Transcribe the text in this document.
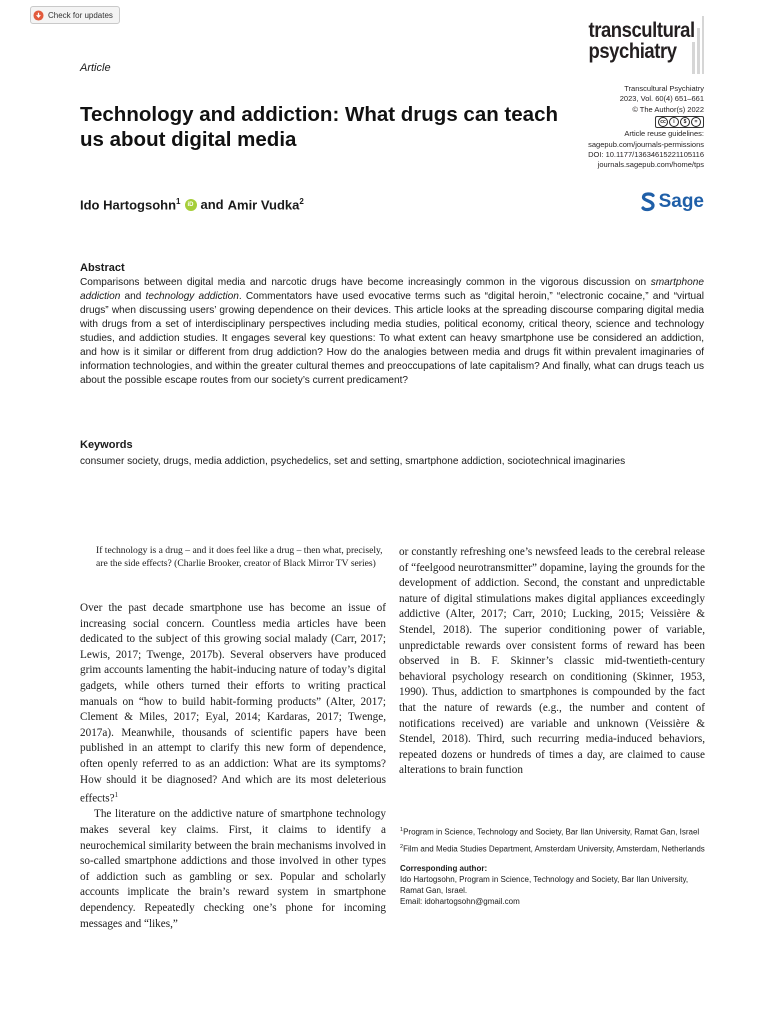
Check for updates
Article
transcultural
psychiatry
Transcultural Psychiatry
2023, Vol. 60(4) 651–661
© The Author(s) 2022
cc	i	$	=
Article reuse guidelines:
sagepub.com/journals-permissions
DOI: 10.1177/13634615221105116
journals.sagepub.com/home/tps
Sage
Technology and addiction: What drugs can teach us about digital media
Ido Hartogsohn$^1$	iD and Amir Vudka$^2$
Abstract

Comparisons between digital media and narcotic drugs have become increasingly common in the vigorous discussion on smartphone addiction and technology addiction. Commentators have used evocative terms such as “digital heroin,” “electronic cocaine,” and “virtual drugs” when discussing users’ growing dependence on their devices. This article looks at the spreading discourse comparing digital media with drugs from a set of interdisciplinary perspectives including media studies, political economy, critical theory, science and technology studies, and addiction studies. It engages several key questions: To what extent can heavy smartphone use be considered an addiction, and how is it similar or different from drug addiction? How do the analogies between media and drugs fit within prevalent imaginaries of information technologies, and within the greater cultural themes and preoccupations of late capitalism? And finally, what can drugs teach us about the possible escape routes from our society’s current predicament?

Keywords
consumer society, drugs, media addiction, psychedelics, set and setting, smartphone addiction, sociotechnical imaginaries

If technology is a drug – and it does feel like a drug – then what, precisely, are the side effects? (Charlie Brooker, creator of Black Mirror TV series)

Over the past decade smartphone use has become an issue of increasing social concern. Countless media articles have been dedicated to the subject of this growing social malady (Carr, 2017; Lewis, 2017; Twenge, 2017b). Several observers have produced grim accounts lamenting the habit-inducing nature of today’s digital gadgets, while others turned their efforts to writing practical manuals on “how to build habit-forming products” (Alter, 2017; Clement & Miles, 2017; Eyal, 2014; Kardaras, 2017; Twenge, 2017a). Meanwhile, thousands of scientific papers have been published in an attempt to clarify this new form of dependence, often openly referred to as an addiction: What are its symptoms? How should it be diagnosed? And which are its most deleterious effects?$^1$

The literature on the addictive nature of smartphone technology makes several key claims. First, it claims to identify a neurochemical similarity between the brain mechanisms involved in so-called smartphone addictions and those involved in other types of addiction such as gambling or sex. Popular and scholarly accounts implicate the brain’s reward system in smartphone dependency. Repeatedly checking one’s phone for incoming messages and “likes,”

or constantly refreshing one’s newsfeed leads to the cerebral release of “feelgood neurotransmitter” dopamine, laying the grounds for the development of addiction. Second, the constant and unpredictable nature of digital stimulations makes digital appliances exceedingly addictive (Alter, 2017; Carr, 2010; Lucking, 2015; Veissière & Stendel, 2018). The superior conditioning power of variable, unpredictable rewards over consistent forms of reward has been observed in B. F. Skinner’s classic mid-twentieth-century behavioral psychology research on conditioning (Skinner, 1953, 1990). Thus, addiction to smartphones is compounded by the fact that the nature of rewards (e.g., the number and content of notifications received) are variable and unknown (Veissière & Stendel, 2018). Third, such recurring media-induced behaviors, repeated dozens or hundreds of times a day, are claimed to cause alterations to brain function

$^1$Program in Science, Technology and Society, Bar Ilan University, Ramat Gan, Israel

$^2$Film and Media Studies Department, Amsterdam University, Amsterdam, Netherlands

Corresponding author:
Ido Hartogsohn, Program in Science, Technology and Society, Bar Ilan University, Ramat Gan, Israel.
Email: idohartogsohn@gmail.com
